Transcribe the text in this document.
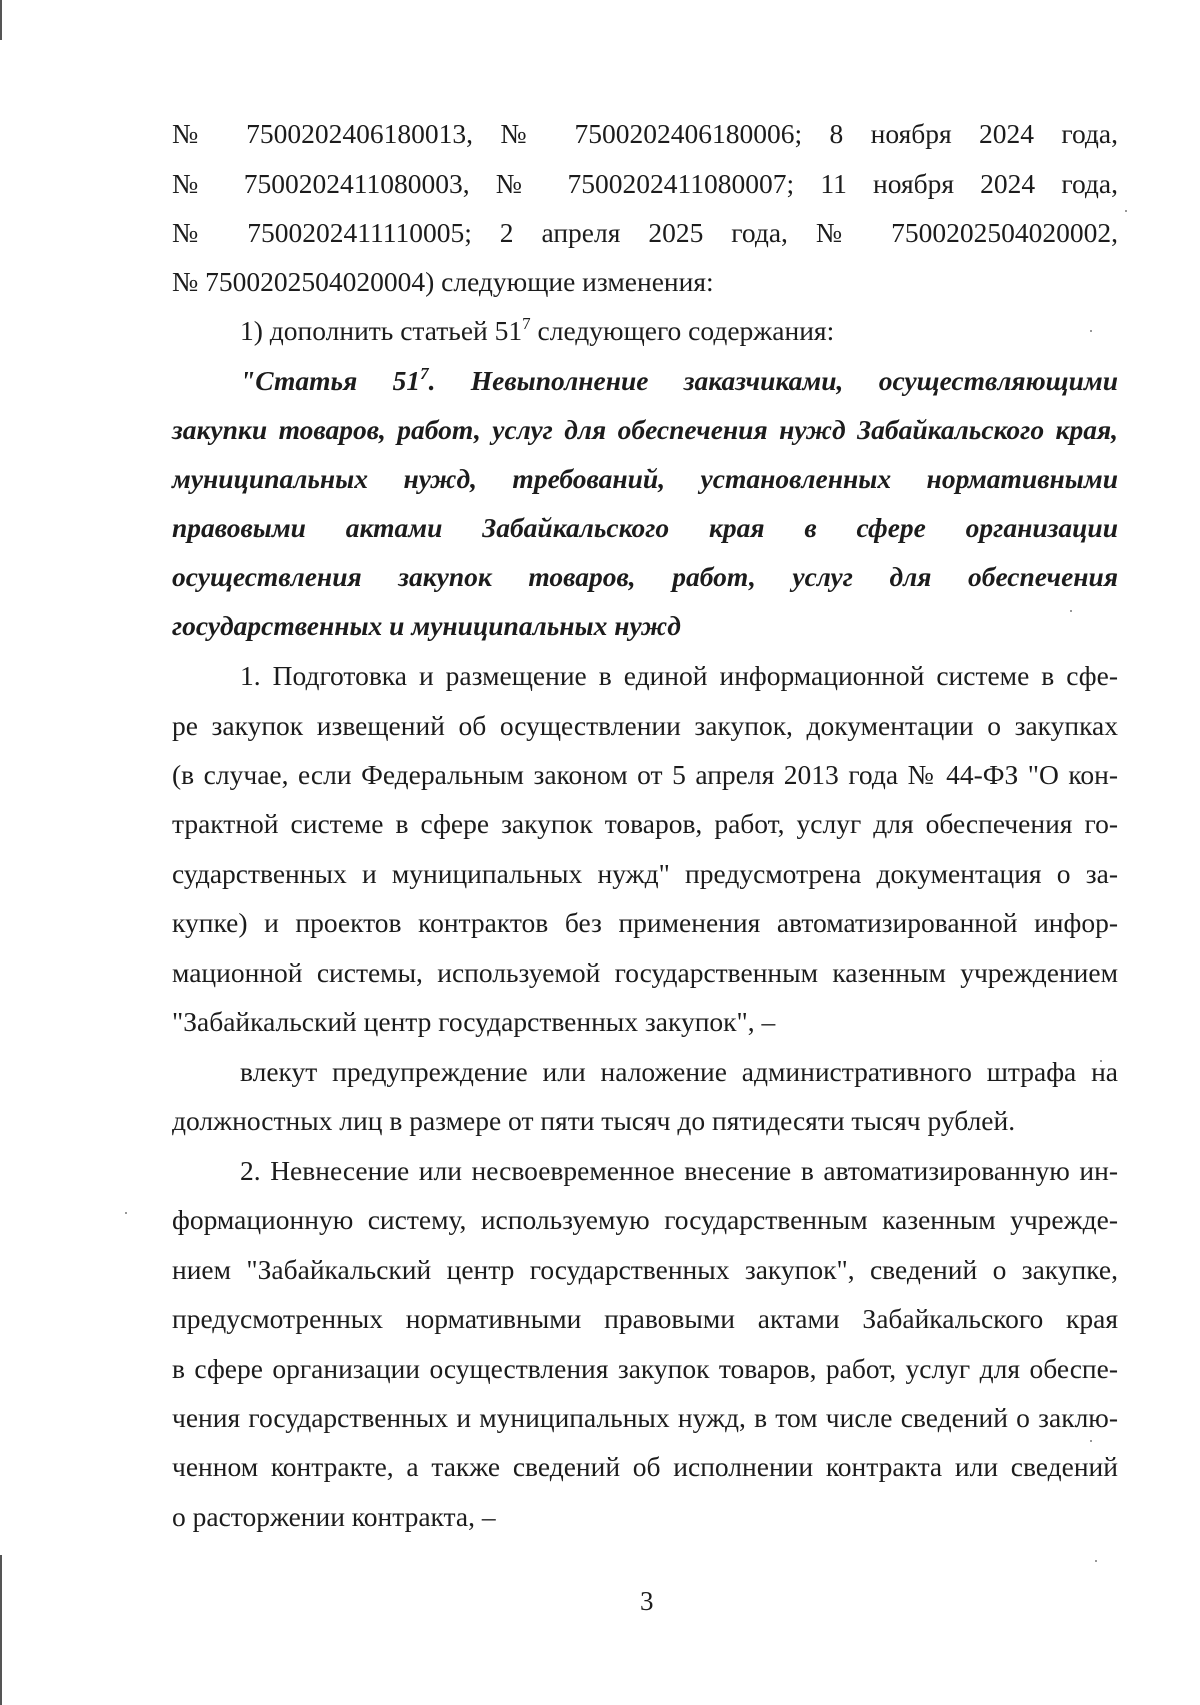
№ 7500202406180013, № 7500202406180006; 8 ноября 2024 года,
№ 7500202411080003, № 7500202411080007; 11 ноября 2024 года,
№ 7500202411110005; 2 апреля 2025 года, № 7500202504020002,
№ 7500202504020004) следующие изменения:
1) дополнить статьей $51^7$ следующего содержания:
"Статья $51^7$. Невыполнение заказчиками, осуществляющими
закупки товаров, работ, услуг для обеспечения нужд Забайкальского края,
муниципальных нужд, требований, установленных нормативными
правовыми актами Забайкальского края в сфере организации
осуществления закупок товаров, работ, услуг для обеспечения
государственных и муниципальных нужд
1. Подготовка и размещение в единой информационной системе в сфе-
ре закупок извещений об осуществлении закупок, документации о закупках
(в случае, если Федеральным законом от 5 апреля 2013 года № 44-ФЗ "О кон-
трактной системе в сфере закупок товаров, работ, услуг для обеспечения го-
сударственных и муниципальных нужд" предусмотрена документация о за-
купке) и проектов контрактов без применения автоматизированной инфор-
мационной системы, используемой государственным казенным учреждением
"Забайкальский центр государственных закупок", –
влекут предупреждение или наложение административного штрафа на
должностных лиц в размере от пяти тысяч до пятидесяти тысяч рублей.
2. Невнесение или несвоевременное внесение в автоматизированную ин-
формационную систему, используемую государственным казенным учрежде-
нием "Забайкальский центр государственных закупок", сведений о закупке,
предусмотренных нормативными правовыми актами Забайкальского края
в сфере организации осуществления закупок товаров, работ, услуг для обеспе-
чения государственных и муниципальных нужд, в том числе сведений о заклю-
ченном контракте, а также сведений об исполнении контракта или сведений
о расторжении контракта, –
3
